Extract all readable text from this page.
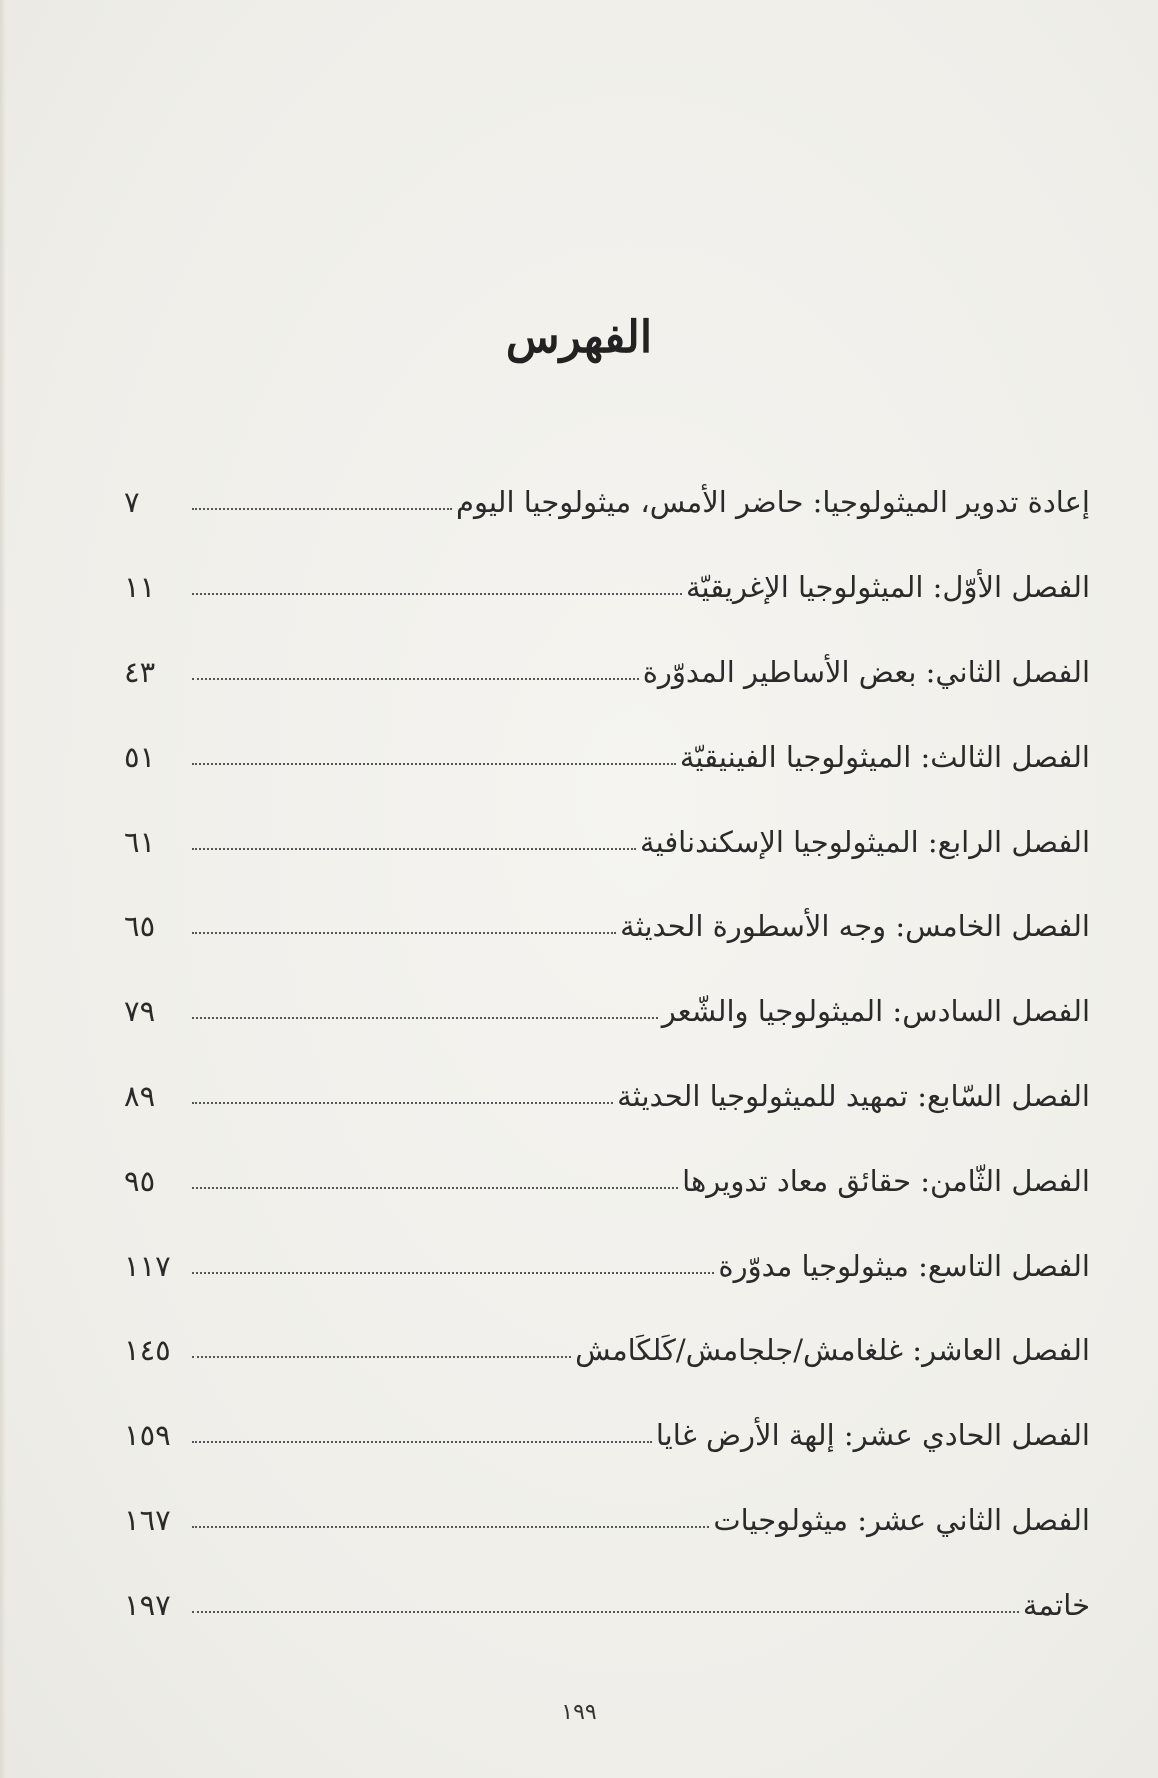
الفهرس
إعادة تدوير الميثولوجيا: حاضر الأمس، ميثولوجيا اليوم
٧
الفصل الأوّل: الميثولوجيا الإغريقيّة
١١
الفصل الثاني: بعض الأساطير المدوّرة
٤٣
الفصل الثالث: الميثولوجيا الفينيقيّة
٥١
الفصل الرابع: الميثولوجيا الإسكندنافية
٦١
الفصل الخامس: وجه الأسطورة الحديثة
٦٥
الفصل السادس: الميثولوجيا والشّعر
٧٩
الفصل السّابع: تمهيد للميثولوجيا الحديثة
٨٩
الفصل الثّامن: حقائق معاد تدويرها
٩٥
الفصل التاسع: ميثولوجيا مدوّرة
١١٧
الفصل العاشر: غلغامش/جلجامش/كَلكَامش
١٤٥
الفصل الحادي عشر: إلهة الأرض غايا
١٥٩
الفصل الثاني عشر: ميثولوجيات
١٦٧
خاتمة
١٩٧
١٩٩
